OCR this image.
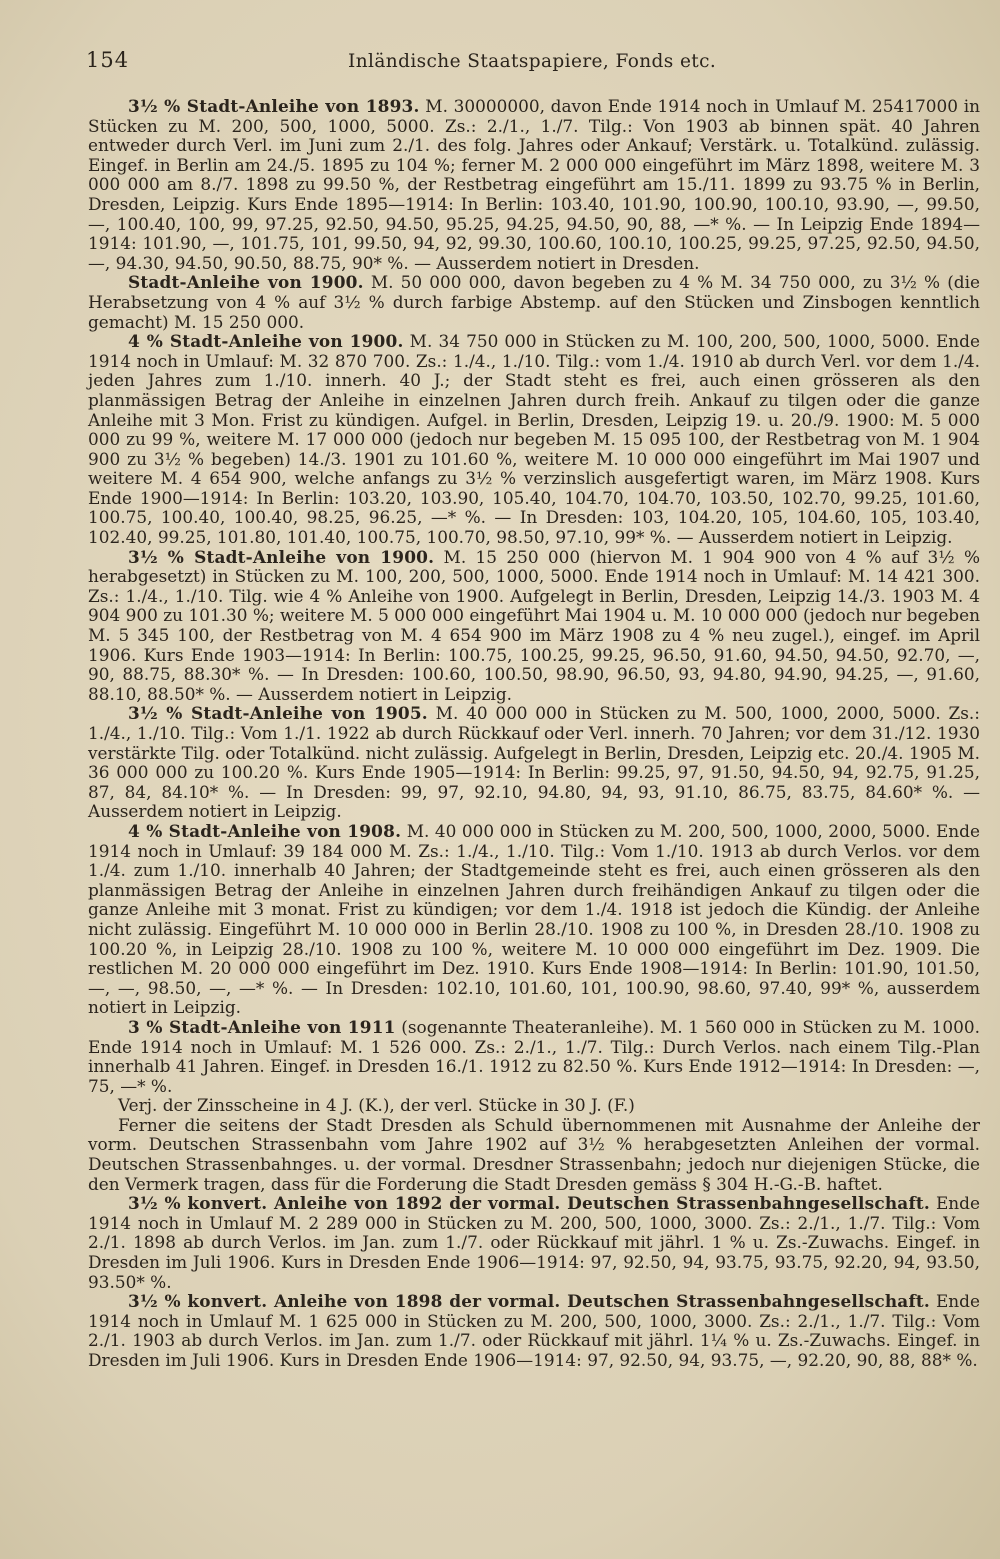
154	Inländische Staatspapiere, Fonds etc.

3½ % Stadt-Anleihe von 1893. M. 30000000, davon Ende 1914 noch in Umlauf M. 25417000 in Stücken zu M. 200, 500, 1000, 5000. Zs.: 2./1., 1./7. Tilg.: Von 1903 ab binnen spät. 40 Jahren entweder durch Verl. im Juni zum 2./1. des folg. Jahres oder Ankauf; Verstärk. u. Totalkünd. zulässig. Eingef. in Berlin am 24./5. 1895 zu 104 %; ferner M. 2 000 000 eingeführt im März 1898, weitere M. 3 000 000 am 8./7. 1898 zu 99.50 %, der Restbetrag eingeführt am 15./11. 1899 zu 93.75 % in Berlin, Dresden, Leipzig. Kurs Ende 1895—1914: In Berlin: 103.40, 101.90, 100.90, 100.10, 93.90, —, 99.50, —, 100.40, 100, 99, 97.25, 92.50, 94.50, 95.25, 94.25, 94.50, 90, 88, —* %. — In Leipzig Ende 1894—1914: 101.90, —, 101.75, 101, 99.50, 94, 92, 99.30, 100.60, 100.10, 100.25, 99.25, 97.25, 92.50, 94.50, —, 94.30, 94.50, 90.50, 88.75, 90* %. — Ausserdem notiert in Dresden.

Stadt-Anleihe von 1900. M. 50 000 000, davon begeben zu 4 % M. 34 750 000, zu 3½ % (die Herabsetzung von 4 % auf 3½ % durch farbige Abstemp. auf den Stücken und Zinsbogen kenntlich gemacht) M. 15 250 000.

4 % Stadt-Anleihe von 1900. M. 34 750 000 in Stücken zu M. 100, 200, 500, 1000, 5000. Ende 1914 noch in Umlauf: M. 32 870 700. Zs.: 1./4., 1./10. Tilg.: vom 1./4. 1910 ab durch Verl. vor dem 1./4. jeden Jahres zum 1./10. innerh. 40 J.; der Stadt steht es frei, auch einen grösseren als den planmässigen Betrag der Anleihe in einzelnen Jahren durch freih. Ankauf zu tilgen oder die ganze Anleihe mit 3 Mon. Frist zu kündigen. Aufgel. in Berlin, Dresden, Leipzig 19. u. 20./9. 1900: M. 5 000 000 zu 99 %, weitere M. 17 000 000 (jedoch nur begeben M. 15 095 100, der Restbetrag von M. 1 904 900 zu 3½ % begeben) 14./3. 1901 zu 101.60 %, weitere M. 10 000 000 eingeführt im Mai 1907 und weitere M. 4 654 900, welche anfangs zu 3½ % verzinslich ausgefertigt waren, im März 1908. Kurs Ende 1900—1914: In Berlin: 103.20, 103.90, 105.40, 104.70, 104.70, 103.50, 102.70, 99.25, 101.60, 100.75, 100.40, 100.40, 98.25, 96.25, —* %. — In Dresden: 103, 104.20, 105, 104.60, 105, 103.40, 102.40, 99.25, 101.80, 101.40, 100.75, 100.70, 98.50, 97.10, 99* %. — Ausserdem notiert in Leipzig.

3½ % Stadt-Anleihe von 1900. M. 15 250 000 (hiervon M. 1 904 900 von 4 % auf 3½ % herabgesetzt) in Stücken zu M. 100, 200, 500, 1000, 5000. Ende 1914 noch in Umlauf: M. 14 421 300. Zs.: 1./4., 1./10. Tilg. wie 4 % Anleihe von 1900. Aufgelegt in Berlin, Dresden, Leipzig 14./3. 1903 M. 4 904 900 zu 101.30 %; weitere M. 5 000 000 eingeführt Mai 1904 u. M. 10 000 000 (jedoch nur begeben M. 5 345 100, der Restbetrag von M. 4 654 900 im März 1908 zu 4 % neu zugel.), eingef. im April 1906. Kurs Ende 1903—1914: In Berlin: 100.75, 100.25, 99.25, 96.50, 91.60, 94.50, 94.50, 92.70, —, 90, 88.75, 88.30* %. — In Dresden: 100.60, 100.50, 98.90, 96.50, 93, 94.80, 94.90, 94.25, —, 91.60, 88.10, 88.50* %. — Ausserdem notiert in Leipzig.

3½ % Stadt-Anleihe von 1905. M. 40 000 000 in Stücken zu M. 500, 1000, 2000, 5000. Zs.: 1./4., 1./10. Tilg.: Vom 1./1. 1922 ab durch Rückkauf oder Verl. innerh. 70 Jahren; vor dem 31./12. 1930 verstärkte Tilg. oder Totalkünd. nicht zulässig. Aufgelegt in Berlin, Dresden, Leipzig etc. 20./4. 1905 M. 36 000 000 zu 100.20 %. Kurs Ende 1905—1914: In Berlin: 99.25, 97, 91.50, 94.50, 94, 92.75, 91.25, 87, 84, 84.10* %. — In Dresden: 99, 97, 92.10, 94.80, 94, 93, 91.10, 86.75, 83.75, 84.60* %. — Ausserdem notiert in Leipzig.

4 % Stadt-Anleihe von 1908. M. 40 000 000 in Stücken zu M. 200, 500, 1000, 2000, 5000. Ende 1914 noch in Umlauf: 39 184 000 M. Zs.: 1./4., 1./10. Tilg.: Vom 1./10. 1913 ab durch Verlos. vor dem 1./4. zum 1./10. innerhalb 40 Jahren; der Stadtgemeinde steht es frei, auch einen grösseren als den planmässigen Betrag der Anleihe in einzelnen Jahren durch freihändigen Ankauf zu tilgen oder die ganze Anleihe mit 3 monat. Frist zu kündigen; vor dem 1./4. 1918 ist jedoch die Kündig. der Anleihe nicht zulässig. Eingeführt M. 10 000 000 in Berlin 28./10. 1908 zu 100 %, in Dresden 28./10. 1908 zu 100.20 %, in Leipzig 28./10. 1908 zu 100 %, weitere M. 10 000 000 eingeführt im Dez. 1909. Die restlichen M. 20 000 000 eingeführt im Dez. 1910. Kurs Ende 1908—1914: In Berlin: 101.90, 101.50, —, —, 98.50, —, —* %. — In Dresden: 102.10, 101.60, 101, 100.90, 98.60, 97.40, 99* %, ausserdem notiert in Leipzig.

3 % Stadt-Anleihe von 1911 (sogenannte Theateranleihe). M. 1 560 000 in Stücken zu M. 1000. Ende 1914 noch in Umlauf: M. 1 526 000. Zs.: 2./1., 1./7. Tilg.: Durch Verlos. nach einem Tilg.-Plan innerhalb 41 Jahren. Eingef. in Dresden 16./1. 1912 zu 82.50 %. Kurs Ende 1912—1914: In Dresden: —, 75, —* %.

Verj. der Zinsscheine in 4 J. (K.), der verl. Stücke in 30 J. (F.)

Ferner die seitens der Stadt Dresden als Schuld übernommenen mit Ausnahme der Anleihe der vorm. Deutschen Strassenbahn vom Jahre 1902 auf 3½ % herabgesetzten Anleihen der vormal. Deutschen Strassenbahnges. u. der vormal. Dresdner Strassenbahn; jedoch nur diejenigen Stücke, die den Vermerk tragen, dass für die Forderung die Stadt Dresden gemäss § 304 H.-G.-B. haftet.

3½ % konvert. Anleihe von 1892 der vormal. Deutschen Strassenbahngesellschaft. Ende 1914 noch in Umlauf M. 2 289 000 in Stücken zu M. 200, 500, 1000, 3000. Zs.: 2./1., 1./7. Tilg.: Vom 2./1. 1898 ab durch Verlos. im Jan. zum 1./7. oder Rückkauf mit jährl. 1 % u. Zs.-Zuwachs. Eingef. in Dresden im Juli 1906. Kurs in Dresden Ende 1906—1914: 97, 92.50, 94, 93.75, 93.75, 92.20, 94, 93.50, 93.50* %.

3½ % konvert. Anleihe von 1898 der vormal. Deutschen Strassenbahngesellschaft. Ende 1914 noch in Umlauf M. 1 625 000 in Stücken zu M. 200, 500, 1000, 3000. Zs.: 2./1., 1./7. Tilg.: Vom 2./1. 1903 ab durch Verlos. im Jan. zum 1./7. oder Rückkauf mit jährl. 1¼ % u. Zs.-Zuwachs. Eingef. in Dresden im Juli 1906. Kurs in Dresden Ende 1906—1914: 97, 92.50, 94, 93.75, —, 92.20, 90, 88, 88* %.
